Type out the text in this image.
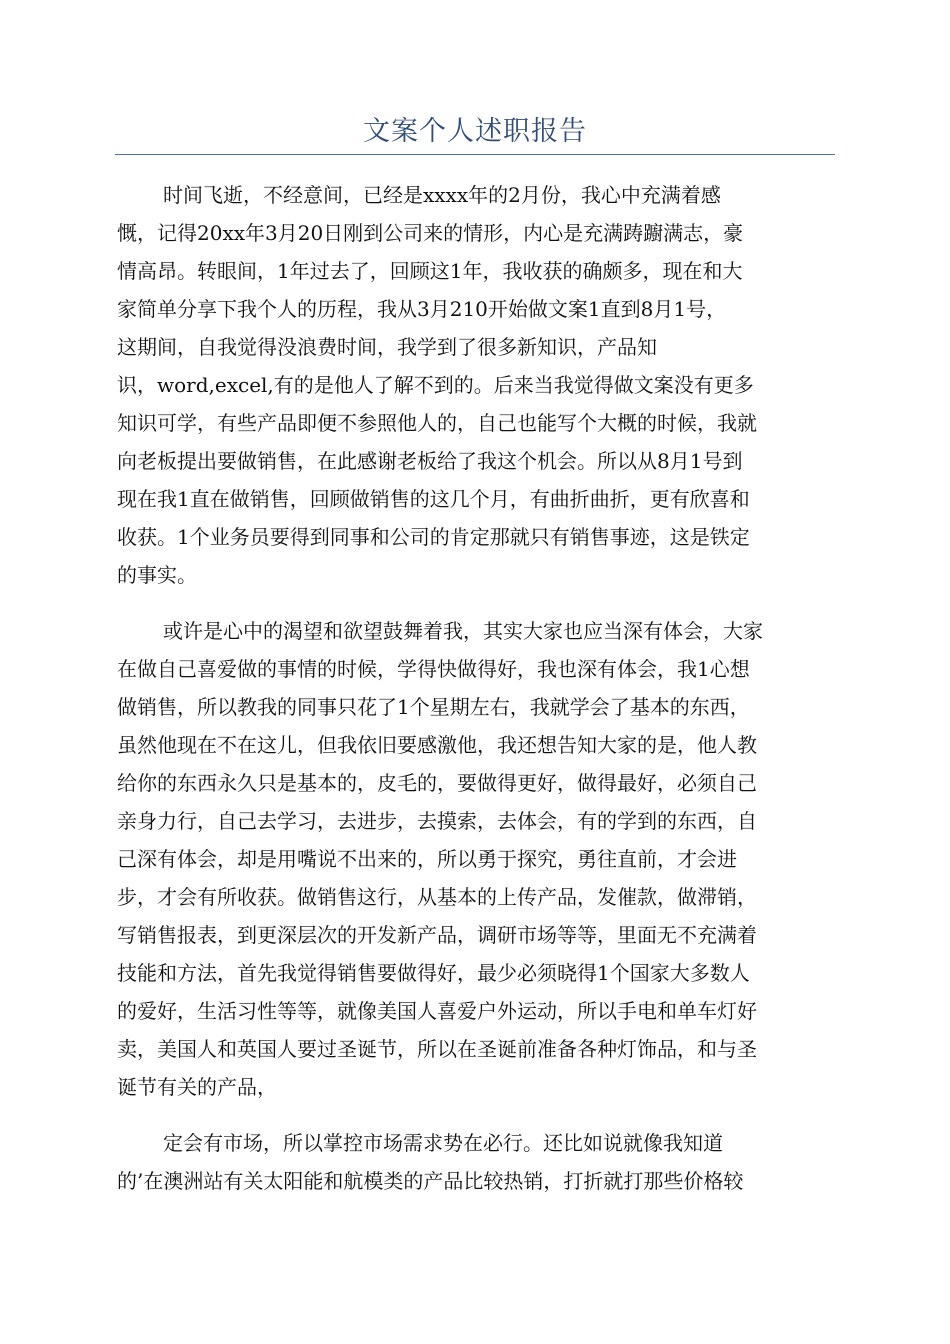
文案个人述职报告
时间飞逝，不经意间，已经是xxxx年的2月份，我心中充满着感
慨，记得20xx年3月20日刚到公司来的情形，内心是充满踌躕满志，豪
情高昂。转眼间，1年过去了，回顾这1年，我收获的确颇多，现在和大
家简单分享下我个人的历程，我从3月210开始做文案1直到8月1号，
这期间，自我觉得没浪费时间，我学到了很多新知识，产品知
识，word,excel,有的是他人了解不到的。后来当我觉得做文案没有更多
知识可学，有些产品即便不参照他人的，自己也能写个大概的时候，我就
向老板提出要做销售，在此感谢老板给了我这个机会。所以从8月1号到
现在我1直在做销售，回顾做销售的这几个月，有曲折曲折，更有欣喜和
收获。1个业务员要得到同事和公司的肯定那就只有销售事迹，这是铁定
的事实。
或许是心中的渴望和欲望鼓舞着我，其实大家也应当深有体会，大家
在做自己喜爱做的事情的时候，学得快做得好，我也深有体会，我1心想
做销售，所以教我的同事只花了1个星期左右，我就学会了基本的东西，
虽然他现在不在这儿，但我依旧要感激他，我还想告知大家的是，他人教
给你的东西永久只是基本的，皮毛的，要做得更好，做得最好，必须自己
亲身力行，自己去学习，去进步，去摸索，去体会，有的学到的东西，自
己深有体会，却是用嘴说不出来的，所以勇于探究，勇往直前，才会进
步，才会有所收获。做销售这行，从基本的上传产品，发催款，做滞销，
写销售报表，到更深层次的开发新产品，调研市场等等，里面无不充满着
技能和方法，首先我觉得销售要做得好，最少必须晓得1个国家大多数人
的爱好，生活习性等等，就像美国人喜爱户外运动，所以手电和单车灯好
卖，美国人和英国人要过圣诞节，所以在圣诞前准备各种灯饰品，和与圣
诞节有关的产品，
定会有市场，所以掌控市场需求势在必行。还比如说就像我知道
的’在澳洲站有关太阳能和航模类的产品比较热销，打折就打那些价格较
